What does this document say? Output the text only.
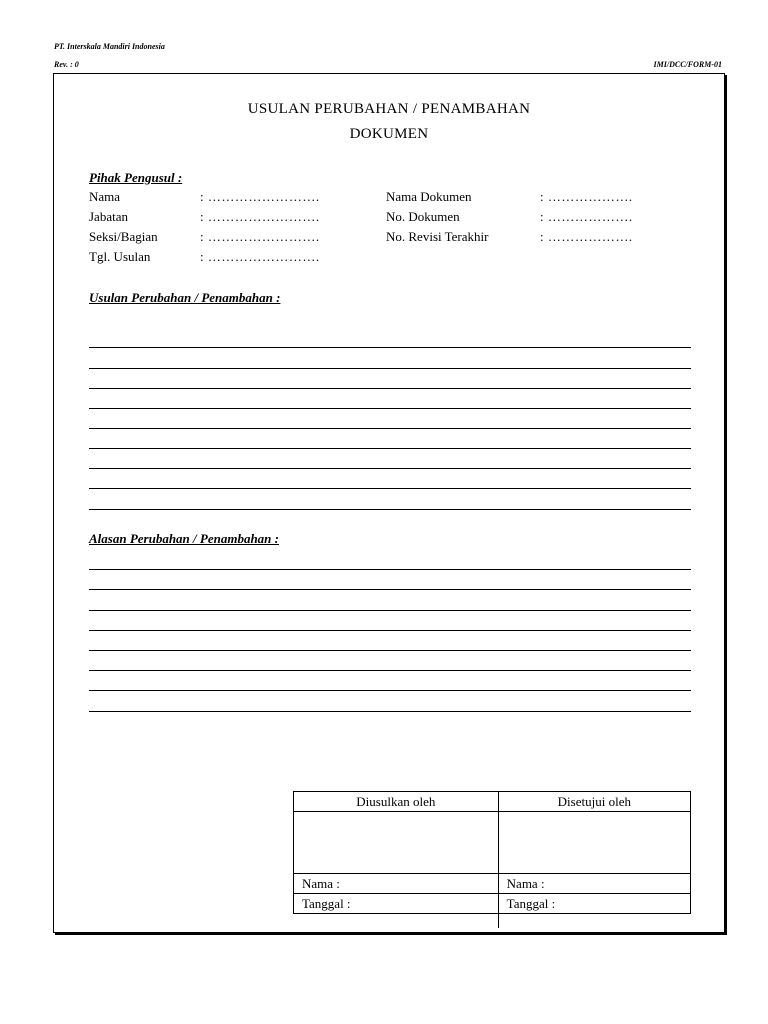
PT. Interskala Mandiri Indonesia
Rev. : 0	IMI/DCC/FORM-01
USULAN PERUBAHAN / PENAMBAHAN
DOKUMEN
Pihak Pengusul :
Nama	: …………………….
Jabatan	: …………………….
Seksi/Bagian	: …………………….
Tgl. Usulan	: …………………….
Nama Dokumen	: ……………….
No. Dokumen	: ……………….
No. Revisi Terakhir	: ……………….
Usulan Perubahan / Penambahan :
Alasan Perubahan / Penambahan :
Diusulkan oleh	Disetujui oleh

Nama :	Nama :
Tanggal :	Tanggal :
